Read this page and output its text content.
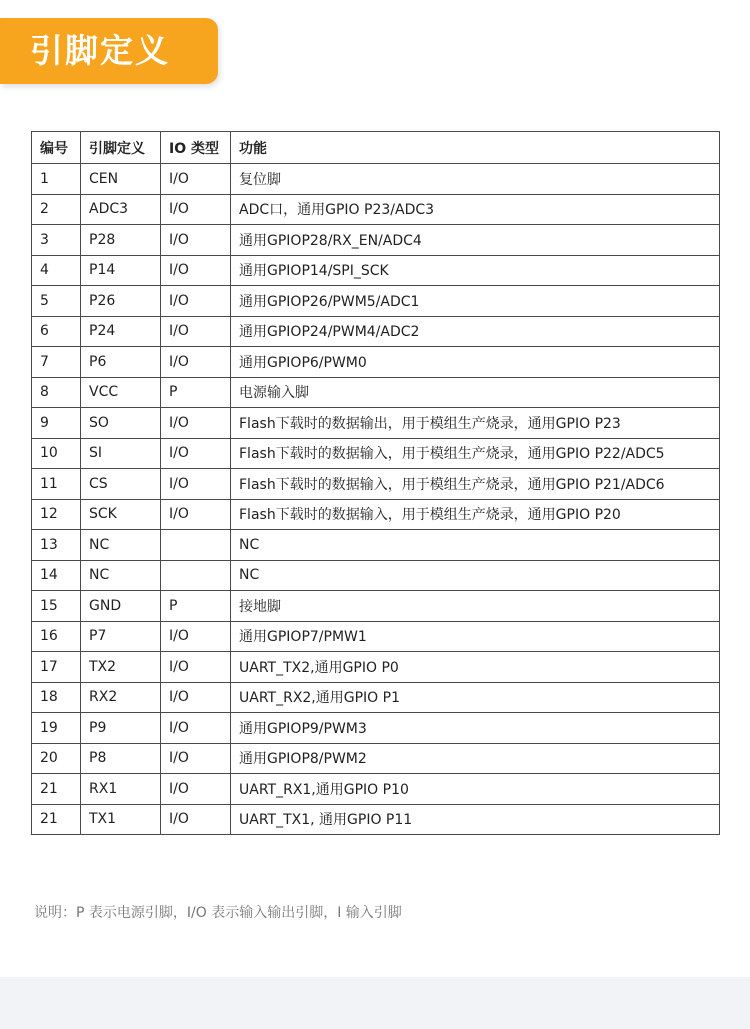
引脚定义
编号	引脚定义	IO 类型	功能
1	CEN	I/O	复位脚
2	ADC3	I/O	ADC口，通用GPIO P23/ADC3
3	P28	I/O	通用GPIOP28/RX_EN/ADC4
4	P14	I/O	通用GPIOP14/SPI_SCK
5	P26	I/O	通用GPIOP26/PWM5/ADC1
6	P24	I/O	通用GPIOP24/PWM4/ADC2
7	P6	I/O	通用GPIOP6/PWM0
8	VCC	P	电源输入脚
9	SO	I/O	Flash下载时的数据输出，用于模组生产烧录，通用GPIO P23
10	SI	I/O	Flash下载时的数据输入，用于模组生产烧录，通用GPIO P22/ADC5
11	CS	I/O	Flash下载时的数据输入，用于模组生产烧录，通用GPIO P21/ADC6
12	SCK	I/O	Flash下载时的数据输入，用于模组生产烧录，通用GPIO P20
13	NC		NC
14	NC		NC
15	GND	P	接地脚
16	P7	I/O	通用GPIOP7/PMW1
17	TX2	I/O	UART_TX2,通用GPIO P0
18	RX2	I/O	UART_RX2,通用GPIO P1
19	P9	I/O	通用GPIOP9/PWM3
20	P8	I/O	通用GPIOP8/PWM2
21	RX1	I/O	UART_RX1,通用GPIO P10
21	TX1	I/O	UART_TX1, 通用GPIO P11
说明：P 表示电源引脚，I/O 表示输入输出引脚，I 输入引脚
